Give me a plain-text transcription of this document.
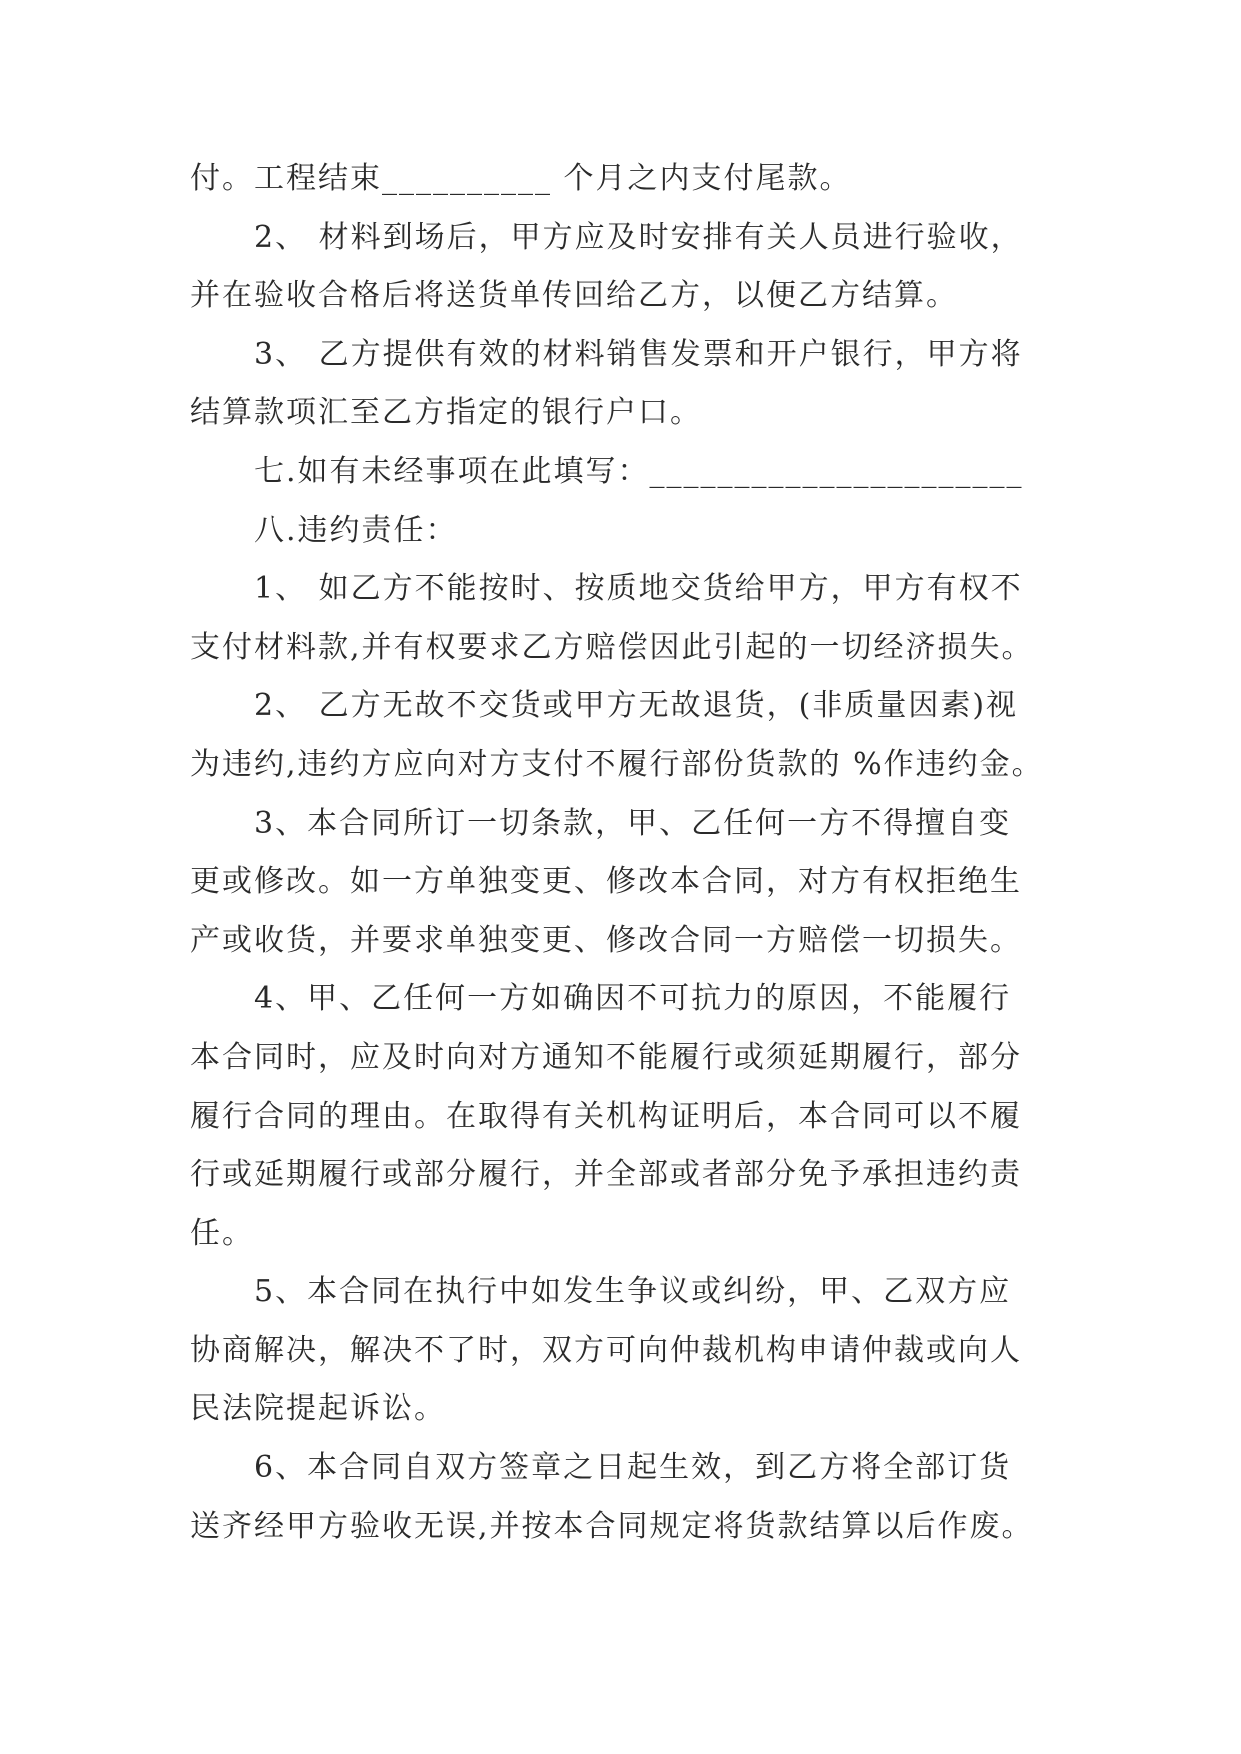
付。工程结束__________ 个月之内支付尾款。

2、 材料到场后，甲方应及时安排有关人员进行验收，

并在验收合格后将送货单传回给乙方，以便乙方结算。

3、 乙方提供有效的材料销售发票和开户银行，甲方将

结算款项汇至乙方指定的银行户口。

七.如有未经事项在此填写：______________________

八.违约责任：

1、 如乙方不能按时、按质地交货给甲方，甲方有权不

支付材料款,并有权要求乙方赔偿因此引起的一切经济损失。

2、 乙方无故不交货或甲方无故退货，(非质量因素)视

为违约,违约方应向对方支付不履行部份货款的 %作违约金。

3、本合同所订一切条款，甲、乙任何一方不得擅自变

更或修改。如一方单独变更、修改本合同，对方有权拒绝生

产或收货，并要求单独变更、修改合同一方赔偿一切损失。

4、甲、乙任何一方如确因不可抗力的原因，不能履行

本合同时，应及时向对方通知不能履行或须延期履行，部分

履行合同的理由。在取得有关机构证明后，本合同可以不履

行或延期履行或部分履行，并全部或者部分免予承担违约责

任。

5、本合同在执行中如发生争议或纠纷，甲、乙双方应

协商解决，解决不了时，双方可向仲裁机构申请仲裁或向人

民法院提起诉讼。

6、本合同自双方签章之日起生效，到乙方将全部订货

送齐经甲方验收无误,并按本合同规定将货款结算以后作废。
